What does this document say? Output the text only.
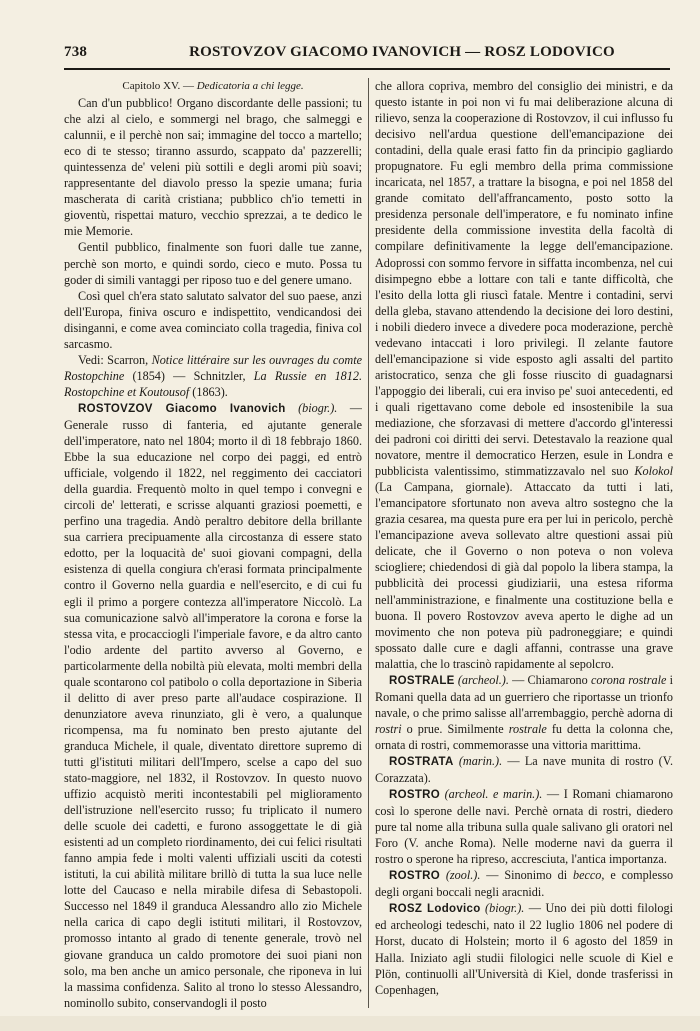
738	ROSTOVZOV GIACOMO IVANOVICH — ROSZ LODOVICO

Capitolo XV. — Dedicatoria a chi legge.

Can d'un pubblico! Organo discordante delle passioni; tu che alzi al cielo, e sommergi nel brago, che salmeggi e calunnii, e il perchè non sai; immagine del tocco a martello; eco di te stesso; tiranno assurdo, scappato da' pazzerelli; quintessenza de' veleni più sottili e degli aromi più soavi; rappresentante del diavolo presso la spezie umana; furia mascherata di carità cristiana; pubblico ch'io temetti in gioventù, rispettai maturo, vecchio sprezzai, a te dedico le mie Memorie.

Gentil pubblico, finalmente son fuori dalle tue zanne, perchè son morto, e quindi sordo, cieco e muto. Possa tu goder di simili vantaggi per riposo tuo e del genere umano.

Così quel ch'era stato salutato salvator del suo paese, anzi dell'Europa, finiva oscuro e indispettito, vendicandosi dei disinganni, e come avea cominciato colla tragedia, finiva col sarcasmo.

Vedi: Scarron, Notice littéraire sur les ouvrages du comte Rostopchine (1854) — Schnitzler, La Russie en 1812. Rostopchine et Koutousof (1863).

ROSTOVZOV Giacomo Ivanovich (biogr.). — Generale russo di fanteria, ed ajutante generale dell'imperatore, nato nel 1804; morto il dì 18 febbrajo 1860. Ebbe la sua educazione nel corpo dei paggi, ed entrò ufficiale, volgendo il 1822, nel reggimento dei cacciatori della guardia. Frequentò molto in quel tempo i convegni e circoli de' letterati, e scrisse alquanti graziosi poemetti, e perfino una tragedia. Andò peraltro debitore della brillante sua carriera precipuamente alla circostanza di essere stato edotto, per la loquacità de' suoi giovani compagni, della esistenza di quella congiura ch'erasi formata principalmente contro il Governo nella guardia e nell'esercito, e di cui fu egli il primo a porgere contezza all'imperatore Niccolò. La sua comunicazione salvò all'imperatore la corona e forse la stessa vita, e procacciogli l'imperiale favore, e da altro canto l'odio ardente del partito avverso al Governo, e particolarmente della nobiltà più elevata, molti membri della quale scontarono col patibolo o colla deportazione in Siberia il delitto di aver preso parte all'audace cospirazione. Il denunziatore aveva rinunziato, gli è vero, a qualunque ricompensa, ma fu nominato ben presto ajutante del granduca Michele, il quale, diventato direttore supremo di tutti gl'istituti militari dell'Impero, scelse a capo del suo stato-maggiore, nel 1832, il Rostovzov. In questo nuovo uffizio acquistò meriti incontestabili pel miglioramento dell'istruzione nell'esercito russo; fu triplicato il numero delle scuole dei cadetti, e furono assoggettate le di già esistenti ad un completo riordinamento, dei cui felici risultati fanno ampia fede i molti valenti uffiziali usciti da cotesti istituti, la cui abilità militare brillò di tutta la sua luce nelle lotte del Caucaso e nella mirabile difesa di Sebastopoli. Successo nel 1849 il granduca Alessandro allo zio Michele nella carica di capo degli istituti militari, il Rostovzov, promosso intanto al grado di tenente generale, trovò nel giovane granduca un caldo promotore dei suoi piani non solo, ma ben anche un amico personale, che riponeva in lui la massima confidenza. Salito al trono lo stesso Alessandro, nominollo subito, conservandogli il posto

che allora copriva, membro del consiglio dei ministri, e da questo istante in poi non vi fu mai deliberazione alcuna di rilievo, senza la cooperazione di Rostovzov, il cui influsso fu decisivo nell'ardua questione dell'emancipazione dei contadini, della quale erasi fatto fin da principio gagliardo propugnatore. Fu egli membro della prima commissione incaricata, nel 1857, a trattare la bisogna, e poi nel 1858 del grande comitato dell'affrancamento, posto sotto la presidenza personale dell'imperatore, e fu nominato infine presidente della commissione investita della facoltà di compilare definitivamente la legge dell'emancipazione. Adoprossi con sommo fervore in siffatta incombenza, nel cui disimpegno ebbe a lottare con tali e tante difficoltà, che l'esito della lotta gli riuscì fatale. Mentre i contadini, servi della gleba, stavano attendendo la decisione dei loro destini, i nobili diedero invece a divedere poca moderazione, perchè vedevano intaccati i loro privilegi. Il zelante fautore dell'emancipazione si vide esposto agli assalti del partito aristocratico, senza che gli fosse riuscito di guadagnarsi l'appoggio dei liberali, cui era inviso pe' suoi antecedenti, ed i quali rigettavano come debole ed insostenibile la sua mediazione, che sforzavasi di mettere d'accordo gl'interessi dei padroni coi diritti dei servi. Detestavalo la reazione qual novatore, mentre il democratico Herzen, esule in Londra e pubblicista valentissimo, stimmatizzavalo nel suo Kolokol (La Campana, giornale). Attaccato da tutti i lati, l'emancipatore sfortunato non aveva altro sostegno che la grazia cesarea, ma questa pure era per lui in pericolo, perchè l'emancipazione aveva sollevato altre questioni assai più delicate, che il Governo o non poteva o non voleva sciogliere; chiedendosi di già dal popolo la libera stampa, la pubblicità dei processi giudiziarii, una estesa riforma nell'amministrazione, e finalmente una costituzione bella e buona. Il povero Rostovzov aveva aperto le dighe ad un movimento che non poteva più padroneggiare; e quindi spossato dalle cure e dagli affanni, contrasse una grave malattia, che lo trascinò rapidamente al sepolcro.

ROSTRALE (archeol.). — Chiamarono corona rostrale i Romani quella data ad un guerriero che riportasse un trionfo navale, o che primo salisse all'arrembaggio, perchè adorna di rostri o prue. Similmente rostrale fu detta la colonna che, ornata di rostri, commemorasse una vittoria marittima.

ROSTRATA (marin.). — La nave munita di rostro (V. Corazzata).

ROSTRO (archeol. e marin.). — I Romani chiamarono così lo sperone delle navi. Perchè ornata di rostri, diedero pure tal nome alla tribuna sulla quale salivano gli oratori nel Foro (V. anche Roma). Nelle moderne navi da guerra il rostro o sperone ha ripreso, accresciuta, l'antica importanza.

ROSTRO (zool.). — Sinonimo di becco, e complesso degli organi boccali negli aracnidi.

ROSZ Lodovico (biogr.). — Uno dei più dotti filologi ed archeologi tedeschi, nato il 22 luglio 1806 nel podere di Horst, ducato di Holstein; morto il 6 agosto del 1859 in Halla. Iniziato agli studii filologici nelle scuole di Kiel e Plön, continuolli all'Università di Kiel, donde trasferissi in Copenhagen,
